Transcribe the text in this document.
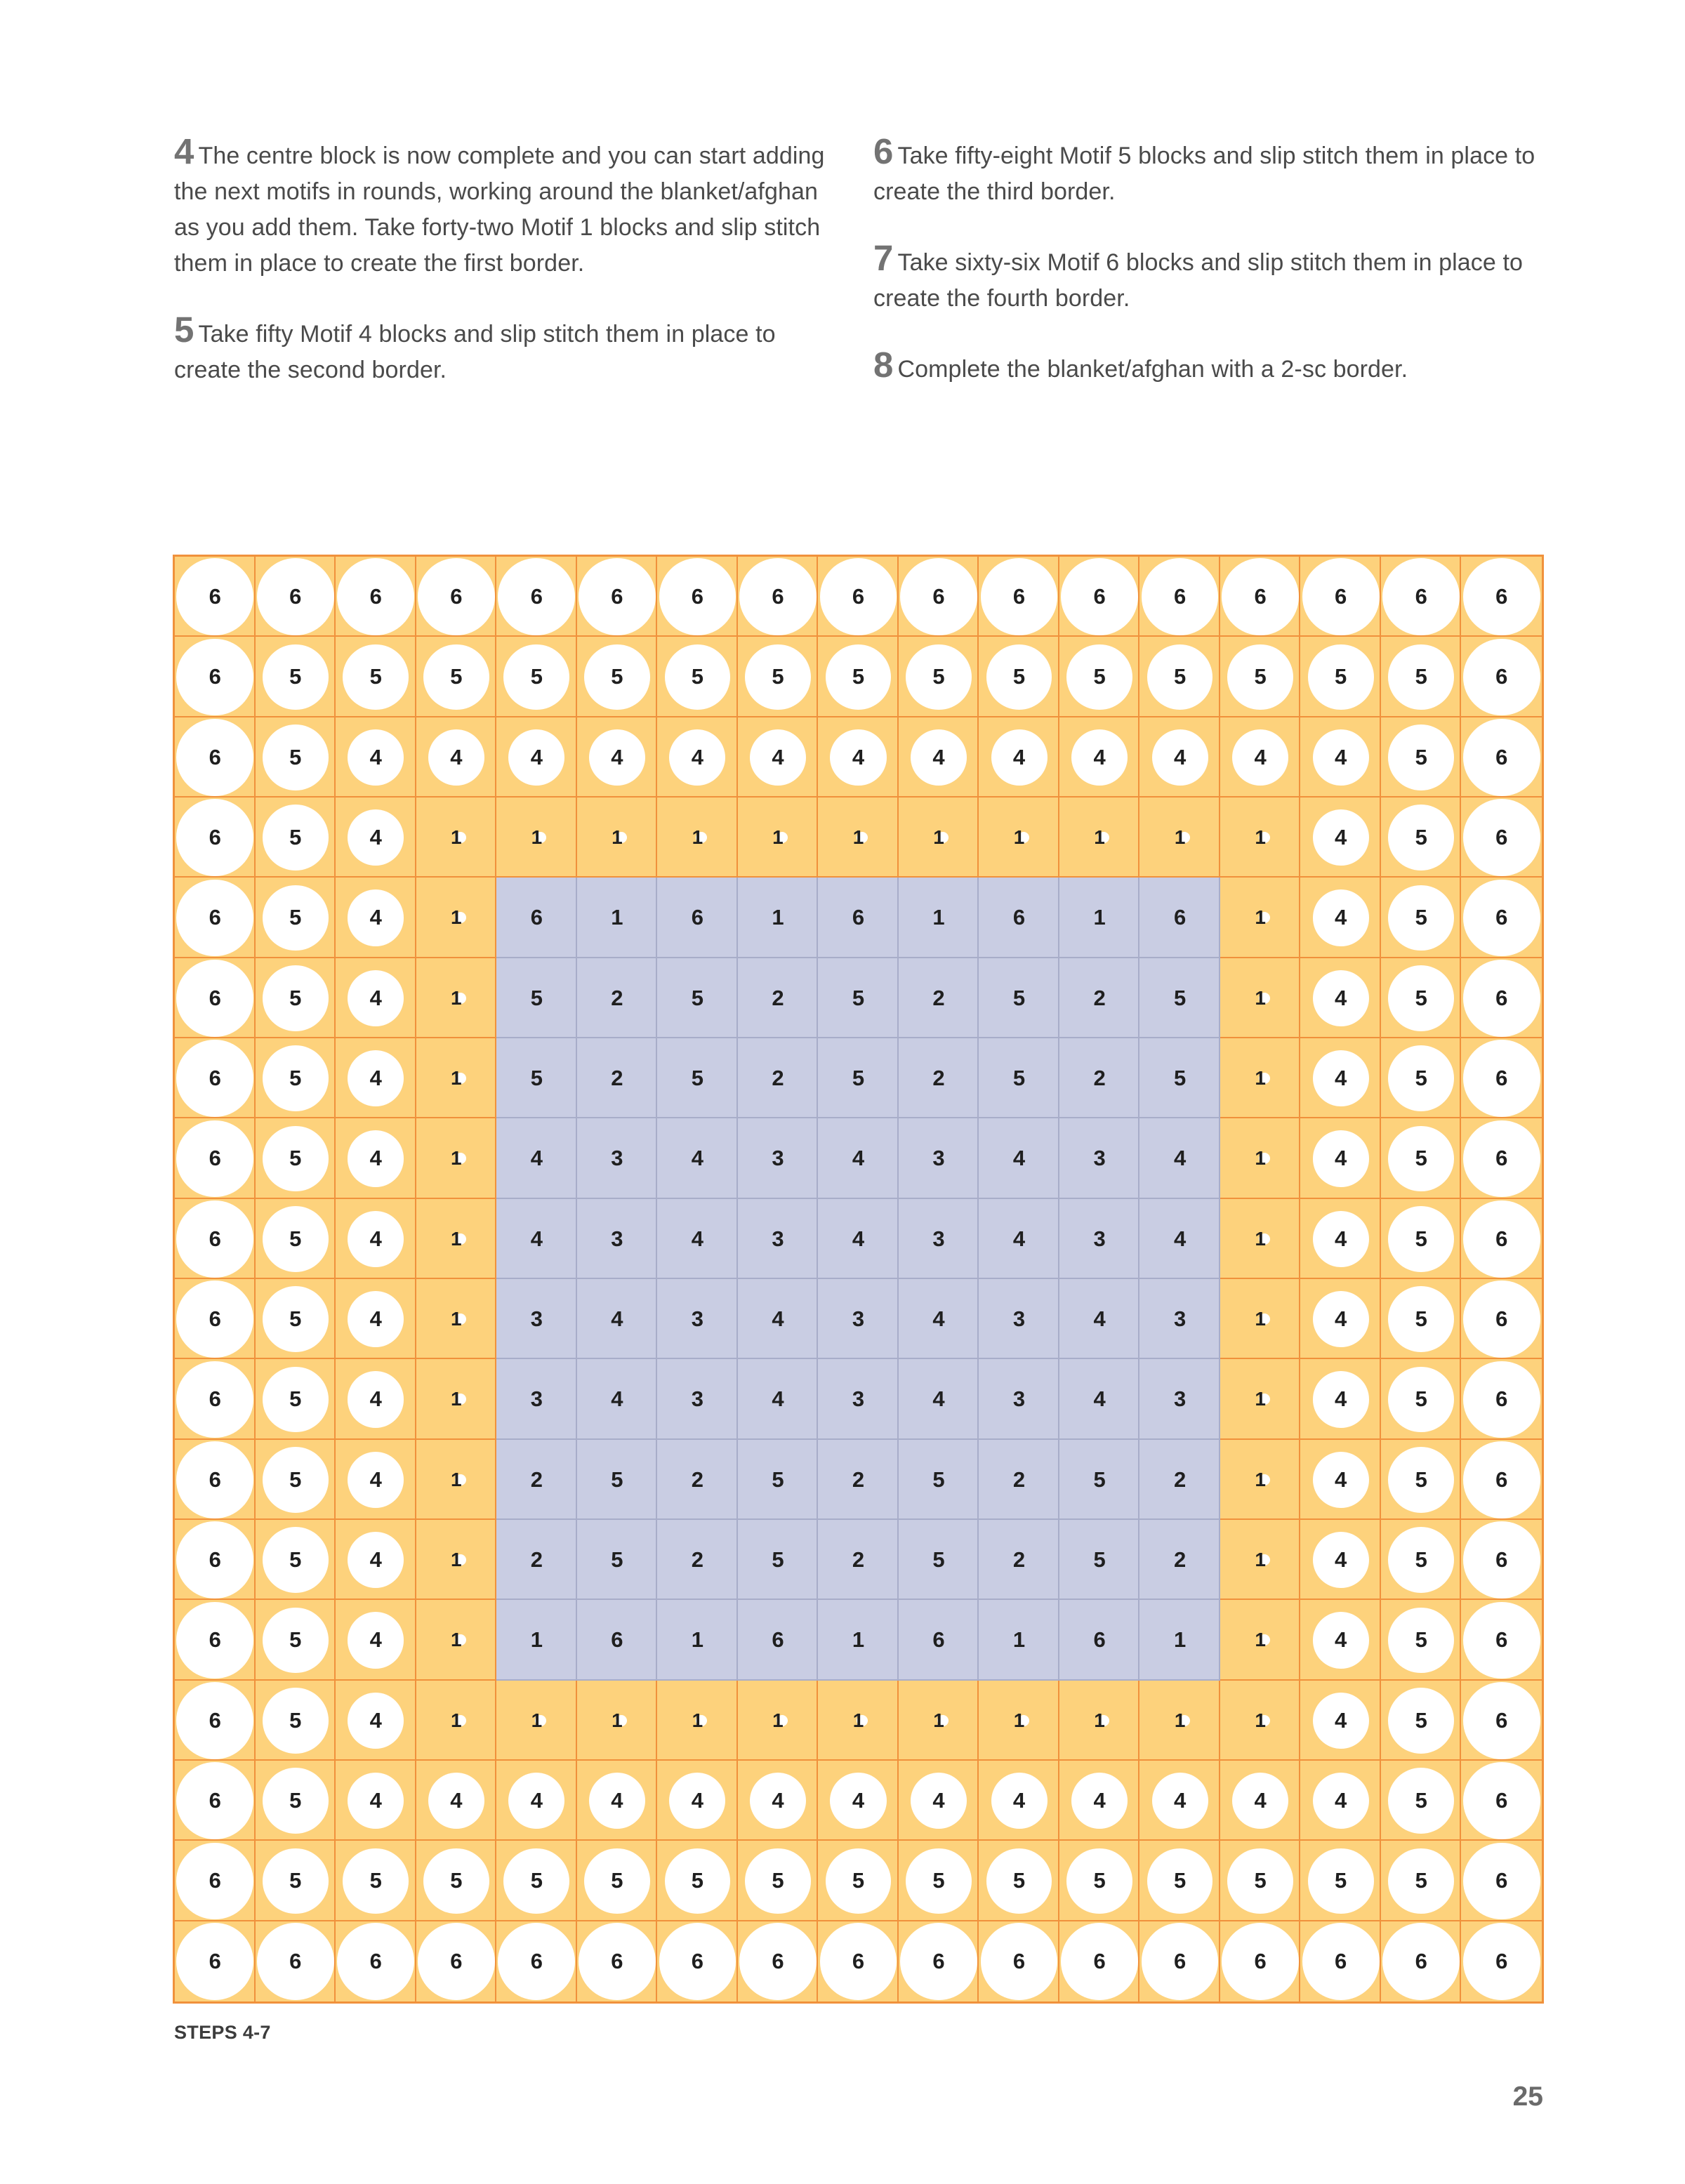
4 The centre block is now complete and you can start adding the next motifs in rounds, working around the blanket/afghan as you add them. Take forty-two Motif 1 blocks and slip stitch them in place to create the first border.

5 Take fifty Motif 4 blocks and slip stitch them in place to create the second border.

6 Take fifty-eight Motif 5 blocks and slip stitch them in place to create the third border.

7 Take sixty-six Motif 6 blocks and slip stitch them in place to create the fourth border.

8 Complete the blanket/afghan with a 2-sc border.

6	6	6	6	6	6	6	6	6	6	6	6	6	6	6	6	6
6	5	5	5	5	5	5	5	5	5	5	5	5	5	5	5	6
6	5	4	4	4	4	4	4	4	4	4	4	4	4	4	5	6
6	5	4	1	1	1	1	1	1	1	1	1	1	1	4	5	6
6	5	4	1	6	1	6	1	6	1	6	1	6	1	4	5	6
6	5	4	1	5	2	5	2	5	2	5	2	5	1	4	5	6
6	5	4	1	5	2	5	2	5	2	5	2	5	1	4	5	6
6	5	4	1	4	3	4	3	4	3	4	3	4	1	4	5	6
6	5	4	1	4	3	4	3	4	3	4	3	4	1	4	5	6
6	5	4	1	3	4	3	4	3	4	3	4	3	1	4	5	6
6	5	4	1	3	4	3	4	3	4	3	4	3	1	4	5	6
6	5	4	1	2	5	2	5	2	5	2	5	2	1	4	5	6
6	5	4	1	2	5	2	5	2	5	2	5	2	1	4	5	6
6	5	4	1	1	6	1	6	1	6	1	6	1	1	4	5	6
6	5	4	1	1	1	1	1	1	1	1	1	1	1	4	5	6
6	5	4	4	4	4	4	4	4	4	4	4	4	4	4	5	6
6	5	5	5	5	5	5	5	5	5	5	5	5	5	5	5	6
6	6	6	6	6	6	6	6	6	6	6	6	6	6	6	6	6
STEPS 4-7
25
